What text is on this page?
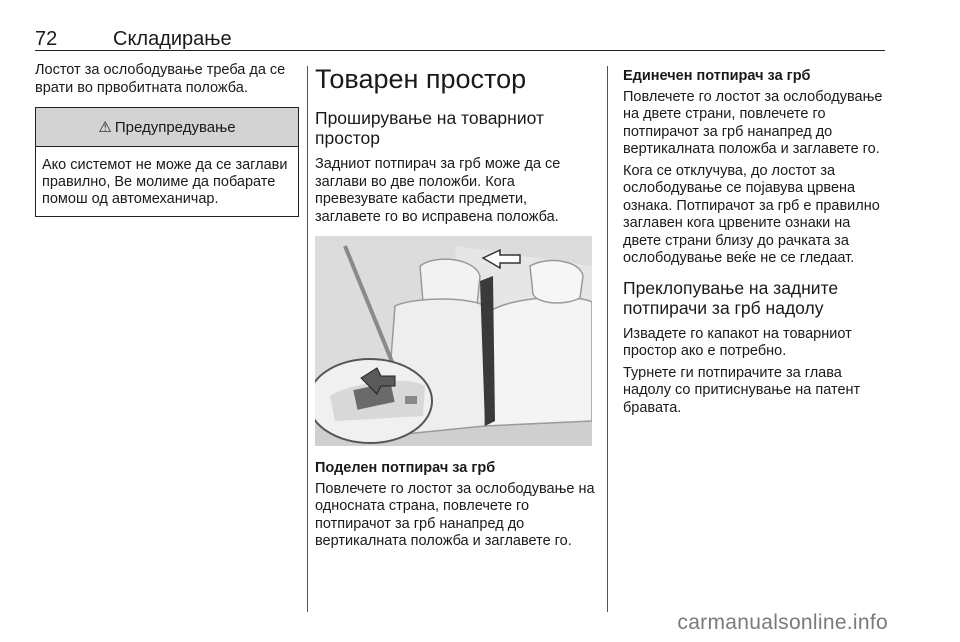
72	Складирање

Лостот за ослободување треба да се врати во првобитната положба.

⚠ Предупредување
Ако системот не може да се заглави правилно, Ве молиме да побарате помош од автомеханичар.
Товарен простор
Проширување на товарниот простор

Задниот потпирач за грб може да се заглави во две положби. Кога превезувате кабасти предмети, заглавете го во исправена положба.

Поделен потпирач за грб

Повлечете го лостот за ослободување на односната страна, повлечете го потпирачот за грб нанапред до вертикалната положба и заглавете го.

Единечен потпирач за грб

Повлечете го лостот за ослободување на двете страни, повлечете го потпирачот за грб нанапред до вертикалната положба и заглавете го.

Кога се отклучува, до лостот за ослободување се појавува црвена ознака. Потпирачот за грб е правилно заглавен кога црвените ознаки на двете страни близу до рачката за ослободување веќе не се гледаат.

Преклопување на задните потпирачи за грб надолу

Извадете го капакот на товарниот простор ако е потребно.

Турнете ги потпирачите за глава надолу со притиснување на патент бравата.

carmanualsonline.info
